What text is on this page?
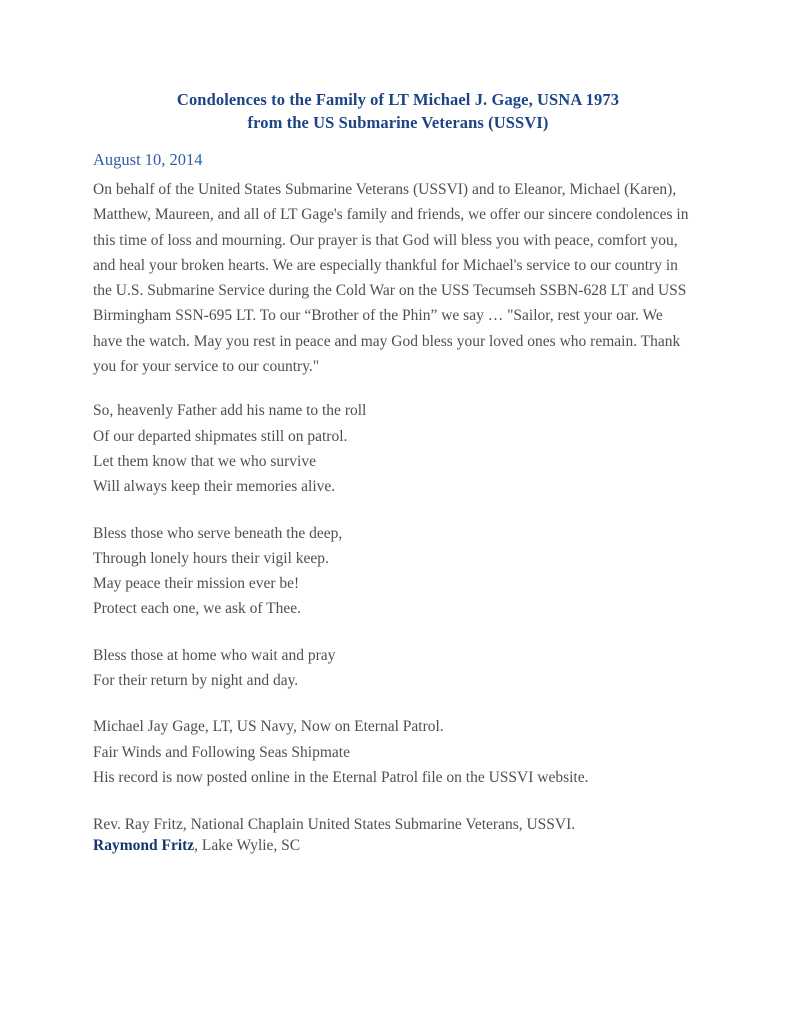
Condolences to the Family of LT Michael J. Gage, USNA 1973
from the US Submarine Veterans (USSVI)
August 10, 2014
On behalf of the United States Submarine Veterans (USSVI) and to Eleanor, Michael (Karen),
Matthew, Maureen, and all of LT Gage's family and friends, we offer our sincere condolences in
this time of loss and mourning. Our prayer is that God will bless you with peace, comfort you,
and heal your broken hearts. We are especially thankful for Michael's service to our country in
the U.S. Submarine Service during the Cold War on the USS Tecumseh SSBN-628 LT and USS
Birmingham SSN-695 LT. To our “Brother of the Phin” we say … "Sailor, rest your oar. We
have the watch. May you rest in peace and may God bless your loved ones who remain. Thank
you for your service to our country."
So, heavenly Father add his name to the roll
Of our departed shipmates still on patrol.
Let them know that we who survive
Will always keep their memories alive.
Bless those who serve beneath the deep,
Through lonely hours their vigil keep.
May peace their mission ever be!
Protect each one, we ask of Thee.
Bless those at home who wait and pray
For their return by night and day.
Michael Jay Gage, LT, US Navy, Now on Eternal Patrol.
Fair Winds and Following Seas Shipmate
His record is now posted online in the Eternal Patrol file on the USSVI website.
Rev. Ray Fritz, National Chaplain United States Submarine Veterans, USSVI.
Raymond Fritz, Lake Wylie, SC
